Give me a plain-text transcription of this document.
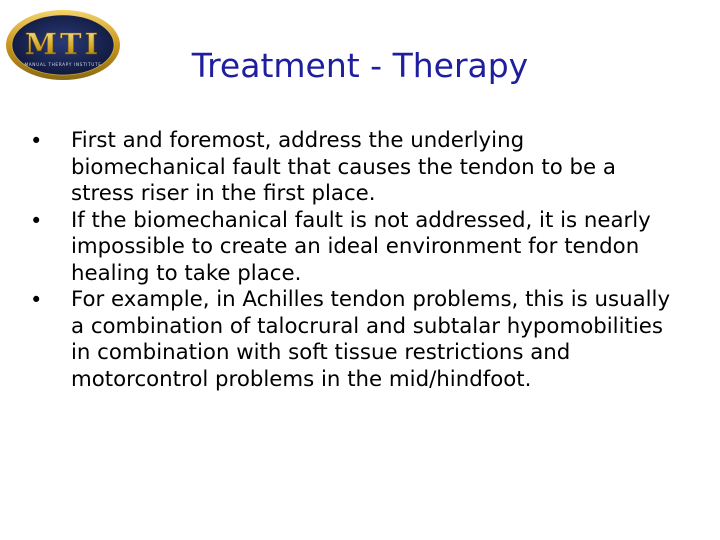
MTI
MANUAL THERAPY INSTITUTE	Treatment - Therapy
•	First and foremost, address the underlying biomechanical fault that causes the tendon to be a stress riser in the first place.
•	If the biomechanical fault is not addressed, it is nearly impossible to create an ideal environment for tendon healing to take place.
•	For example, in Achilles tendon problems, this is usually a combination of talocrural and subtalar hypomobilities in combination with soft tissue restrictions and motorcontrol problems in the mid/hindfoot.
